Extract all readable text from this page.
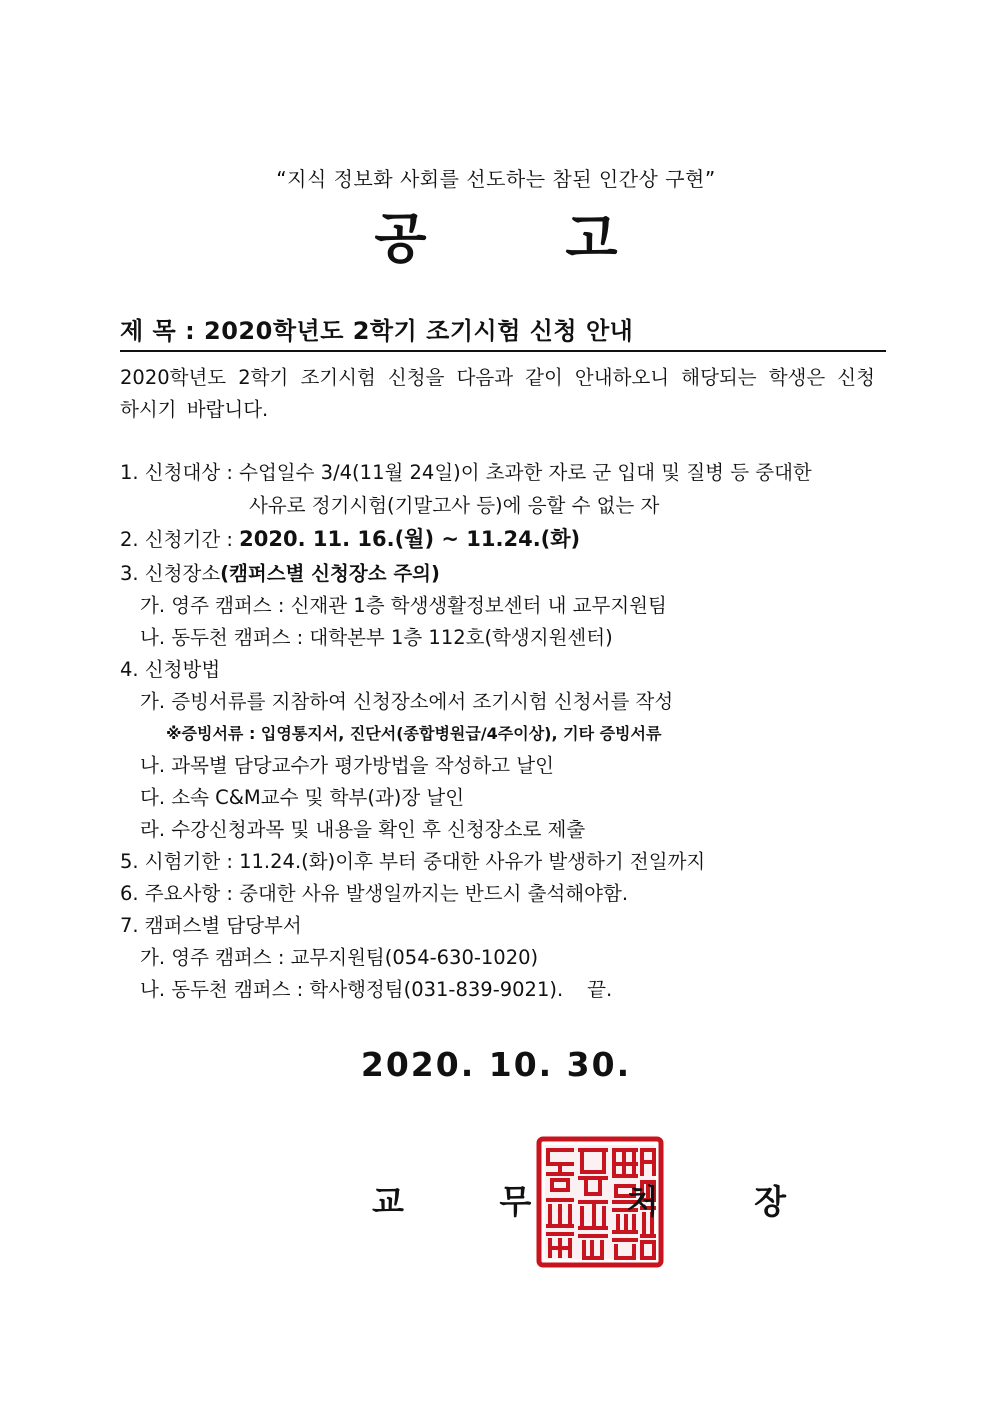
“지식 정보화 사회를 선도하는 참된 인간상 구현”
공 고
제 목 : 2020학년도 2학기 조기시험 신청 안내
2020학년도 2학기 조기시험 신청을 다음과 같이 안내하오니 해당되는 학생은 신청하시기 바랍니다.
1. 신청대상 : 수업일수 3/4(11월 24일)이 초과한 자로 군 입대 및 질병 등 중대한
사유로 정기시험(기말고사 등)에 응할 수 없는 자
2. 신청기간 : 2020. 11. 16.(월) ~ 11.24.(화)
3. 신청장소(캠퍼스별 신청장소 주의)
가. 영주 캠퍼스 : 신재관 1층 학생생활정보센터 내 교무지원팀
나. 동두천 캠퍼스 : 대학본부 1층 112호(학생지원센터)
4. 신청방법
가. 증빙서류를 지참하여 신청장소에서 조기시험 신청서를 작성
※증빙서류 : 입영통지서, 진단서(종합병원급/4주이상), 기타 증빙서류
나. 과목별 담당교수가 평가방법을 작성하고 날인
다. 소속 C&M교수 및 학부(과)장 날인
라. 수강신청과목 및 내용을 확인 후 신청장소로 제출
5. 시험기한 : 11.24.(화)이후 부터 중대한 사유가 발생하기 전일까지
6. 주요사항 : 중대한 사유 발생일까지는 반드시 출석해야함.
7. 캠퍼스별 담당부서
가. 영주 캠퍼스 : 교무지원팀(054-630-1020)
나. 동두천 캠퍼스 : 학사행정팀(031-839-9021). 끝.
2020. 10. 30.
교 무 처 장
